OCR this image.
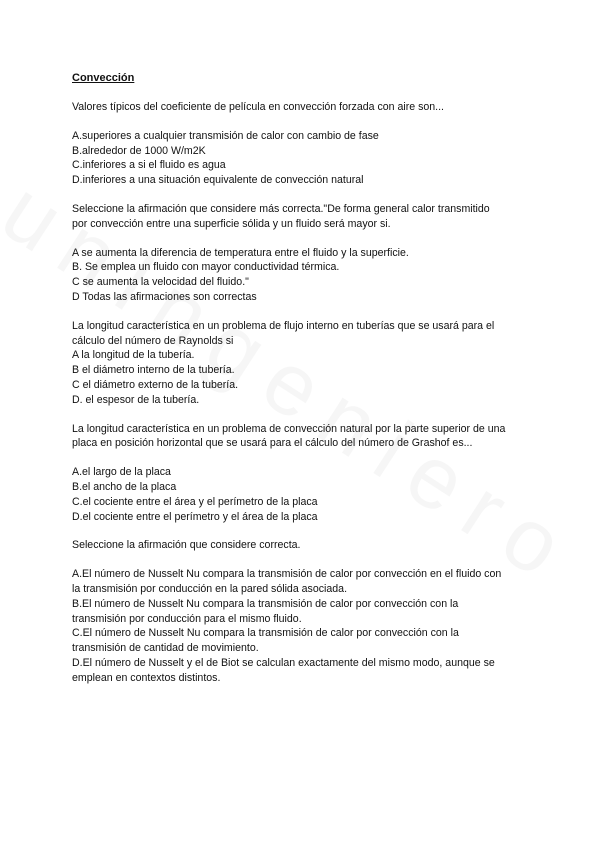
Convección
Valores típicos del coeficiente de película en convección forzada con aire son...
A.superiores a cualquier transmisión de calor con cambio de fase
B.alrededor de 1000 W/m2K
C.inferiores a si el fluido es agua
D.inferiores a una situación equivalente de convección natural
Seleccione la afirmación que considere más correcta."De forma general calor transmitido
por convección entre una superficie sólida y un fluido será mayor si.
A se aumenta la diferencia de temperatura entre el fluido y la superficie.
B. Se emplea un fluido con mayor conductividad térmica.
C se aumenta la velocidad del fluido."
D Todas las afirmaciones son correctas
La longitud característica en un problema de flujo interno en tuberías que se usará para el
cálculo del número de Raynolds si
A la longitud de la tubería.
B el diámetro interno de la tubería.
C el diámetro externo de la tubería.
D. el espesor de la tubería.
La longitud característica en un problema de convección natural por la parte superior de una
placa en posición horizontal que se usará para el cálculo del número de Grashof es...
A.el largo de la placa
B.el ancho de la placa
C.el cociente entre el área y el perímetro de la placa
D.el cociente entre el perímetro y el área de la placa
Seleccione la afirmación que considere correcta.
A.El número de Nusselt Nu compara la transmisión de calor por convección en el fluido con
la transmisión por conducción en la pared sólida asociada.
B.El número de Nusselt Nu compara la transmisión de calor por convección con la
transmisión por conducción para el mismo fluido.
C.El número de Nusselt Nu compara la transmisión de calor por convección con la
transmisión de cantidad de movimiento.
D.El número de Nusselt y el de Biot se calculan exactamente del mismo modo, aunque se
emplean en contextos distintos.
